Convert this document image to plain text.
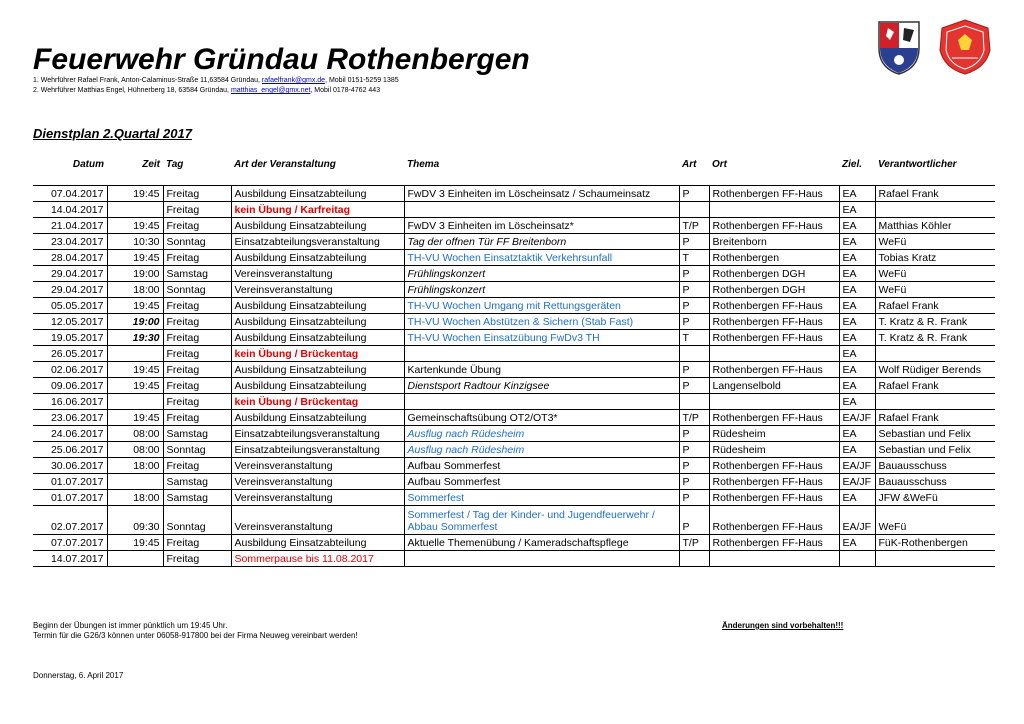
Feuerwehr Gründau Rothenbergen
1. Wehrführer Rafael Frank, Anton-Calaminus-Straße 11,63584 Gründau, rafaelfrank@gmx.de, Mobil 0151-5259 1385
2. Wehrführer Matthias Engel, Hühnerberg 18, 63584 Gründau, matthias_engel@gmx.net, Mobil 0178-4762 443
Dienstplan 2.Quartal 2017
Datum	Zeit	Tag	Art der Veranstaltung	Thema	Art	Ort	Ziel.	Verantwortlicher
07.04.2017	19:45	Freitag	Ausbildung Einsatzabteilung	FwDV 3 Einheiten im Löscheinsatz / Schaumeinsatz	P	Rothenbergen FF-Haus	EA	Rafael Frank
14.04.2017		Freitag	kein Übung / Karfreitag				EA	
21.04.2017	19:45	Freitag	Ausbildung Einsatzabteilung	FwDV 3 Einheiten im Löscheinsatz*	T/P	Rothenbergen FF-Haus	EA	Matthias Köhler
23.04.2017	10:30	Sonntag	Einsatzabteilungsveranstaltung	Tag der offnen Tür FF Breitenborn	P	Breitenborn	EA	WeFü
28.04.2017	19:45	Freitag	Ausbildung Einsatzabteilung	TH-VU Wochen Einsatztaktik Verkehrsunfall	T	Rothenbergen	EA	Tobias Kratz
29.04.2017	19:00	Samstag	Vereinsveranstaltung	Frühlingskonzert	P	Rothenbergen DGH	EA	WeFü
29.04.2017	18:00	Sonntag	Vereinsveranstaltung	Frühlingskonzert	P	Rothenbergen DGH	EA	WeFü
05.05.2017	19:45	Freitag	Ausbildung Einsatzabteilung	TH-VU Wochen Umgang mit Rettungsgeräten	P	Rothenbergen FF-Haus	EA	Rafael Frank
12.05.2017	19:00	Freitag	Ausbildung Einsatzabteilung	TH-VU Wochen Abstützen & Sichern (Stab Fast)	P	Rothenbergen FF-Haus	EA	T. Kratz & R. Frank
19.05.2017	19:30	Freitag	Ausbildung Einsatzabteilung	TH-VU Wochen Einsatzübung FwDv3 TH	T	Rothenbergen FF-Haus	EA	T. Kratz & R. Frank
26.05.2017		Freitag	kein Übung / Brückentag				EA	
02.06.2017	19:45	Freitag	Ausbildung Einsatzabteilung	Kartenkunde Übung	P	Rothenbergen FF-Haus	EA	Wolf Rüdiger Berends
09.06.2017	19:45	Freitag	Ausbildung Einsatzabteilung	Dienstsport Radtour Kinzigsee	P	Langenselbold	EA	Rafael Frank
16.06.2017		Freitag	kein Übung / Brückentag				EA	
23.06.2017	19:45	Freitag	Ausbildung Einsatzabteilung	Gemeinschaftsübung OT2/OT3*	T/P	Rothenbergen FF-Haus	EA/JF	Rafael Frank
24.06.2017	08:00	Samstag	Einsatzabteilungsveranstaltung	Ausflug nach Rüdesheim	P	Rüdesheim	EA	Sebastian und Felix
25.06.2017	08:00	Sonntag	Einsatzabteilungsveranstaltung	Ausflug nach Rüdesheim	P	Rüdesheim	EA	Sebastian und Felix
30.06.2017	18:00	Freitag	Vereinsveranstaltung	Aufbau Sommerfest	P	Rothenbergen FF-Haus	EA/JF	Bauausschuss
01.07.2017		Samstag	Vereinsveranstaltung	Aufbau Sommerfest	P	Rothenbergen FF-Haus	EA/JF	Bauausschuss
01.07.2017	18:00	Samstag	Vereinsveranstaltung	Sommerfest	P	Rothenbergen FF-Haus	EA	JFW &WeFü
02.07.2017	09:30	Sonntag	Vereinsveranstaltung	Sommerfest / Tag der Kinder- und Jugendfeuerwehr / Abbau Sommerfest	P	Rothenbergen FF-Haus	EA/JF	WeFü
07.07.2017	19:45	Freitag	Ausbildung Einsatzabteilung	Aktuelle Themenübung / Kameradschaftspflege	T/P	Rothenbergen FF-Haus	EA	FüK-Rothenbergen
14.07.2017		Freitag	Sommerpause bis 11.08.2017					
Beginn der Übungen ist immer pünktlich um 19:45 Uhr.
Termin für die G26/3 können unter 06058-917800 bei der Firma Neuweg vereinbart werden!
Änderungen sind vorbehalten!!!
Donnerstag, 6. April 2017
